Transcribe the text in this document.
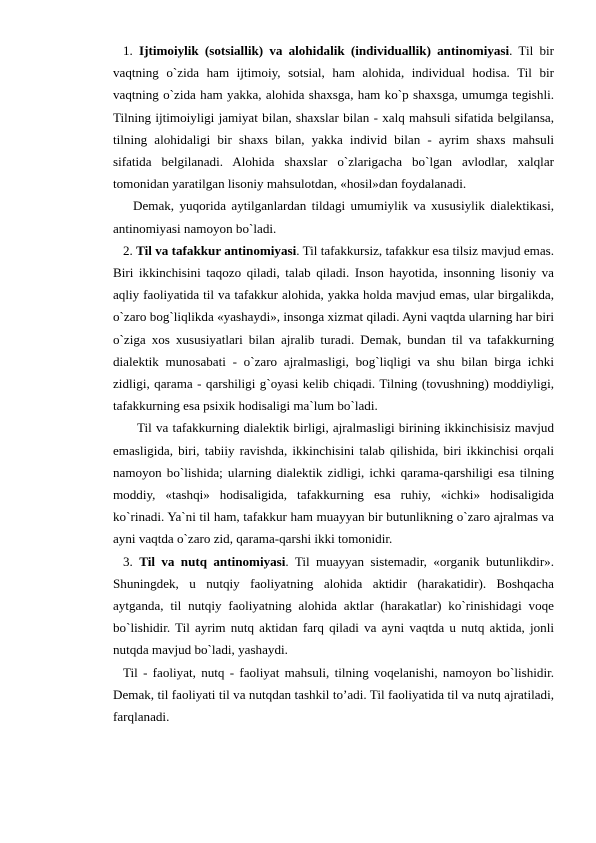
1. Ijtimoiylik (sotsiallik) va alohidalik (individuallik) antinomiyasi. Til bir vaqtning o`zida ham ijtimoiy, sotsial, ham alohida, individual hodisa. Til bir vaqtning o`zida ham yakka, alohida shaxsga, ham ko`p shaxsga, umumga tegishli. Tilning ijtimoiyligi jamiyat bilan, shaxslar bilan - xalq mahsuli sifatida belgilansa, tilning alohidaligi bir shaxs bilan, yakka individ bilan - ayrim shaxs mahsuli sifatida belgilanadi. Alohida shaxslar o`zlarigacha bo`lgan avlodlar, xalqlar tomonidan yaratilgan lisoniy mahsulotdan, «hosil»dan foydalanadi.

Demak, yuqorida aytilganlardan tildagi umumiylik va xususiylik dialektikasi, antinomiyasi namoyon bo`ladi.

2. Til va tafakkur antinomiyasi. Til tafakkursiz, tafakkur esa tilsiz mavjud emas. Biri ikkinchisini taqozo qiladi, talab qiladi. Inson hayotida, insonning lisoniy va aqliy faoliyatida til va tafakkur alohida, yakka holda mavjud emas, ular birgalikda, o`zaro bog`liqlikda «yashaydi», insonga xizmat qiladi. Ayni vaqtda ularning har biri o`ziga xos xususiyatlari bilan ajralib turadi. Demak, bundan til va tafakkurning dialektik munosabati - o`zaro ajralmasligi, bog`liqligi va shu bilan birga ichki zidligi, qarama - qarshiligi g`oyasi kelib chiqadi. Tilning (tovushning) moddiyligi, tafakkurning esa psixik hodisaligi ma`lum bo`ladi.

Til va tafakkurning dialektik birligi, ajralmasligi birining ikkinchisisiz mavjud emasligida, biri, tabiiy ravishda, ikkinchisini talab qilishida, biri ikkinchisi orqali namoyon bo`lishida; ularning dialektik zidligi, ichki qarama-qarshiligi esa tilning moddiy, «tashqi» hodisaligida, tafakkurning esa ruhiy, «ichki» hodisaligida ko`rinadi. Ya`ni til ham, tafakkur ham muayyan bir butunlikning o`zaro ajralmas va ayni vaqtda o`zaro zid, qarama-qarshi ikki tomonidir.

3. Til va nutq antinomiyasi. Til muayyan sistemadir, «organik butunlikdir». Shuningdek, u nutqiy faoliyatning alohida aktidir (harakatidir). Boshqacha aytganda, til nutqiy faoliyatning alohida aktlar (harakatlar) ko`rinishidagi voqe bo`lishidir. Til ayrim nutq aktidan farq qiladi va ayni vaqtda u nutq aktida, jonli nutqda mavjud bo`ladi, yashaydi.

Til - faoliyat, nutq - faoliyat mahsuli, tilning voqelanishi, namoyon bo`lishidir. Demak, til faoliyati til va nutqdan tashkil to’adi. Til faoliyatida til va nutq ajratiladi, farqlanadi.
